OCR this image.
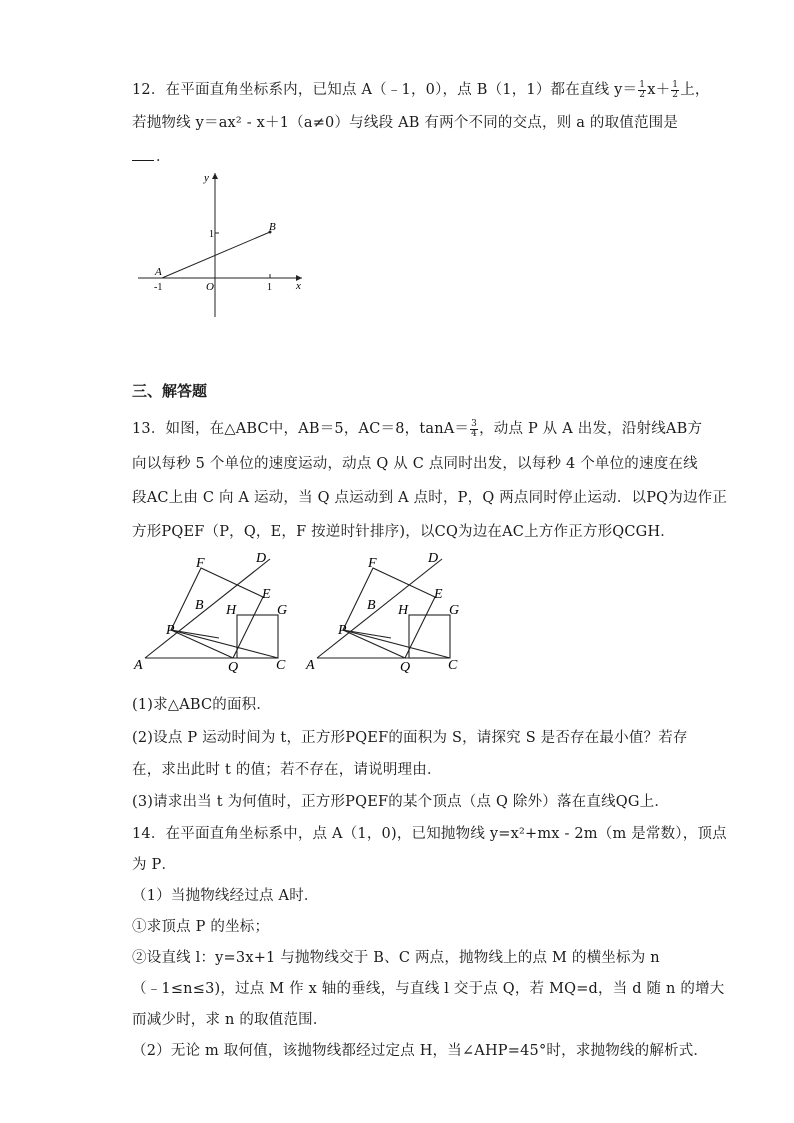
12．在平面直角坐标系内，已知点 A（﹣1，0），点 B（1，1）都在直线 $y= \frac{1}{2} x+ \frac{1}{2}$ 上，
若抛物线 y＝ax² - x＋1（a≠0）与线段 AB 有两个不同的交点，则 a 的取值范围是
．
y
x
O
1
-1	1
A
B
三、解答题
13．如图，在△ABC中，AB＝5，AC＝8，$\tan A= \frac{3}{4}$ ，动点 P 从 A 出发，沿射线AB方
向以每秒 5 个单位的速度运动，动点 Q 从 C 点同时出发，以每秒 4 个单位的速度在线
段AC上由 C 向 A 运动，当 Q 点运动到 A 点时，P，Q 两点同时停止运动．以PQ为边作正
方形PQEF（P，Q，E，F 按逆时针排序)，以CQ为边在AC上方作正方形QCGH．
F	D
B
E
H	G
P
A	Q	C
F	D
B
E
H	G
P
A	Q	C
(1)求△ABC的面积．
(2)设点 P 运动时间为 t，正方形PQEF的面积为 S，请探究 S 是否存在最小值？若存
在，求出此时 t 的值；若不存在，请说明理由．
(3)请求出当 t 为何值时，正方形PQEF的某个顶点（点 Q 除外）落在直线QG上．
14．在平面直角坐标系中，点 A（1，0)，已知抛物线 y=x²+mx - 2m（m 是常数），顶点
为 P．
（1）当抛物线经过点 A时．
①求顶点 P 的坐标；
②设直线 l：y=3x+1 与抛物线交于 B、C 两点，抛物线上的点 M 的横坐标为 n
（﹣1≤n≤3)，过点 M 作 x 轴的垂线，与直线 l 交于点 Q，若 MQ=d，当 d 随 n 的增大
而减少时，求 n 的取值范围．
（2）无论 m 取何值，该抛物线都经过定点 H，当∠AHP=45°时，求抛物线的解析式．
